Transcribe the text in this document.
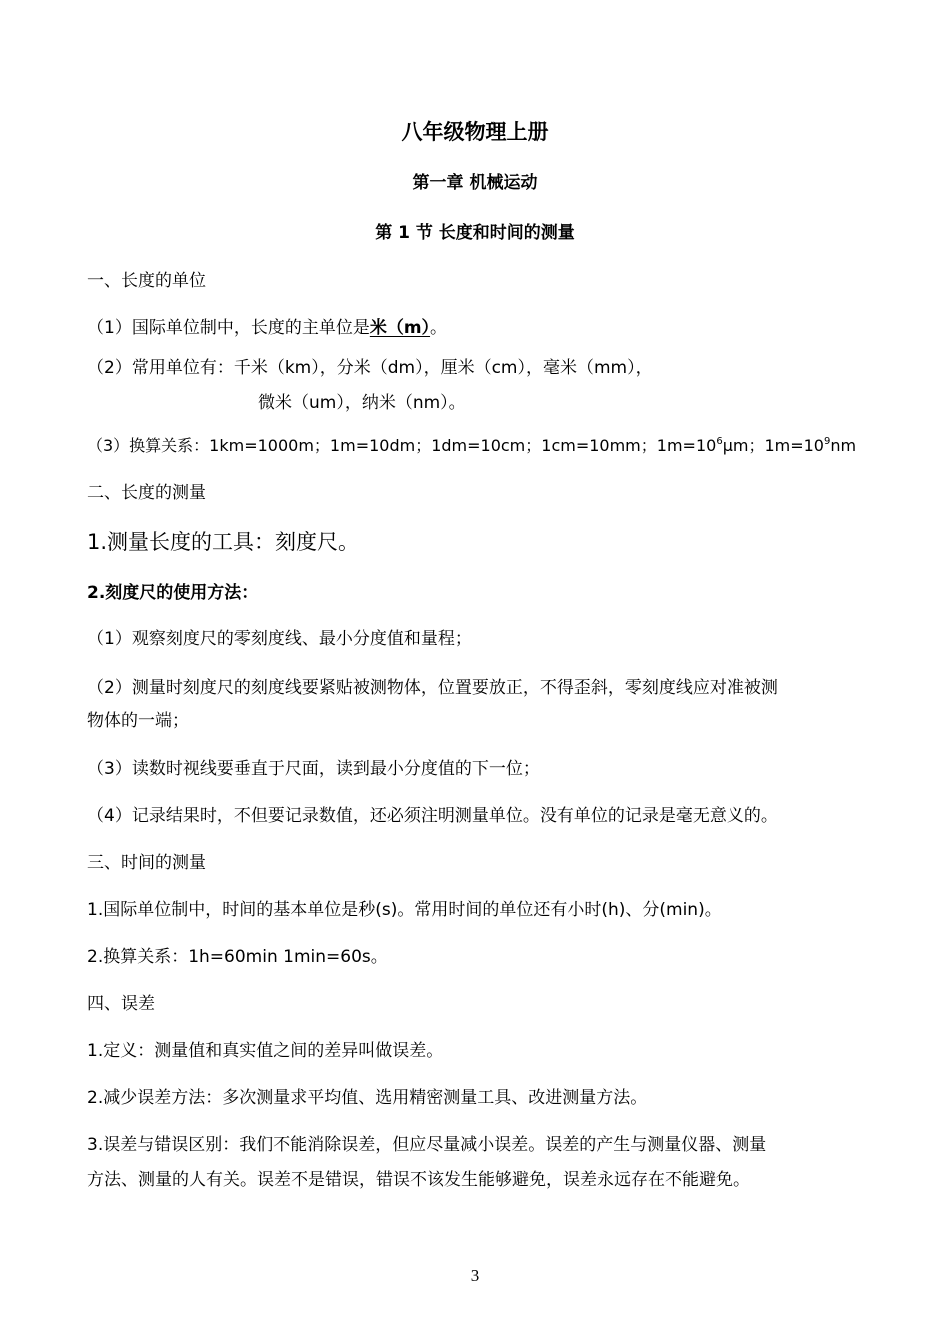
八年级物理上册
第一章 机械运动
第 1 节 长度和时间的测量
一、长度的单位
（1）国际单位制中，长度的主单位是米（m）。
（2）常用单位有：千米（km），分米（dm），厘米（cm），毫米（mm），
微米（um），纳米（nm）。
（3）换算关系：1km=1000m；1m=10dm；1dm=10cm；1cm=10mm；$1m=10^6\mu m$；$1m=10^9nm$
二、长度的测量
1.测量长度的工具：刻度尺。
2.刻度尺的使用方法：
（1）观察刻度尺的零刻度线、最小分度值和量程；
（2）测量时刻度尺的刻度线要紧贴被测物体，位置要放正，不得歪斜，零刻度线应对准被测
物体的一端；
（3）读数时视线要垂直于尺面，读到最小分度值的下一位；
（4）记录结果时，不但要记录数值，还必须注明测量单位。没有单位的记录是毫无意义的。
三、时间的测量
1.国际单位制中，时间的基本单位是秒(s)。常用时间的单位还有小时(h)、分(min)。
2.换算关系：1h=60min 1min=60s。
四、误差
1.定义：测量值和真实值之间的差异叫做误差。
2.减少误差方法：多次测量求平均值、选用精密测量工具、改进测量方法。
3.误差与错误区别：我们不能消除误差，但应尽量减小误差。误差的产生与测量仪器、测量
方法、测量的人有关。误差不是错误，错误不该发生能够避免，误差永远存在不能避免。
3
